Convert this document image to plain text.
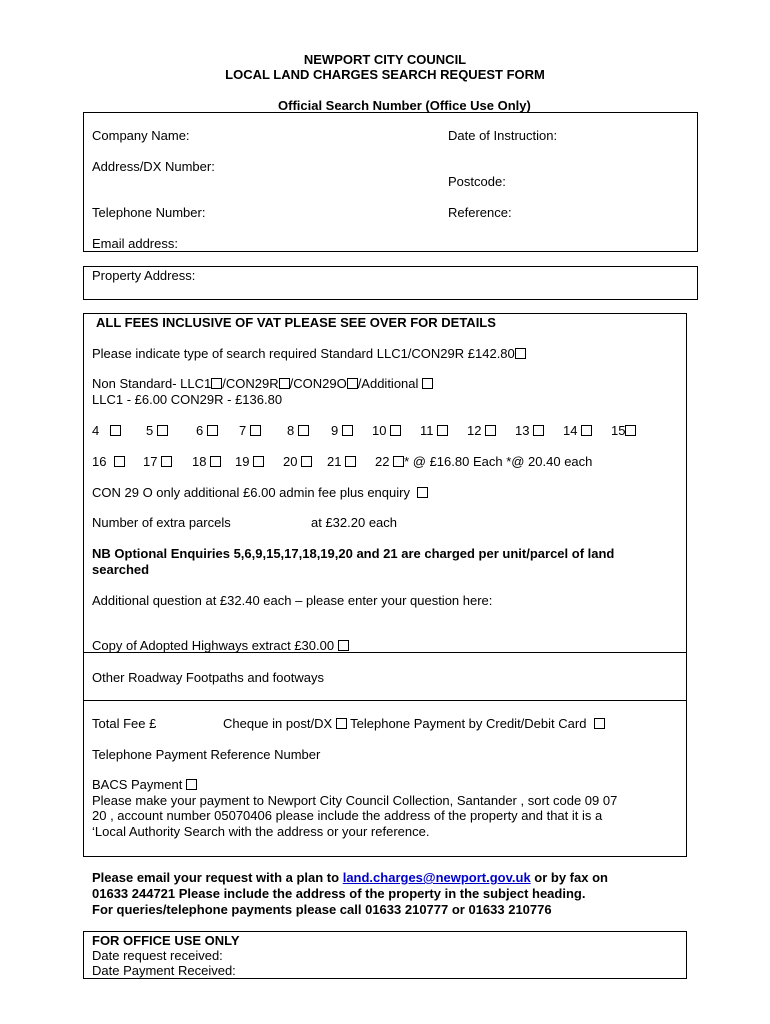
NEWPORT CITY COUNCIL
LOCAL LAND CHARGES SEARCH REQUEST FORM
Official Search Number (Office Use Only)
Company Name:	Date of Instruction:
Address/DX Number:
Postcode:
Telephone Number:	Reference:
Email address:
Property Address:
ALL FEES INCLUSIVE OF VAT PLEASE SEE OVER FOR DETAILS
Please indicate type of search required Standard LLC1/CON29R £142.80
Non Standard- LLC1 /CON29R /CON29O /Additional
LLC1 - £6.00 CON29R - £136.80
4	5	6	7	8	9	10	11	12	13	14	15
16	17	18	19	20	21	22 * @ £16.80 Each *@ 20.40 each
CON 29 O only additional £6.00 admin fee plus enquiry
Number of extra parcels	at £32.20 each
NB Optional Enquiries 5,6,9,15,17,18,19,20 and 21 are charged per unit/parcel of land
searched
Additional question at £32.40 each – please enter your question here:
Copy of Adopted Highways extract £30.00
Other Roadway Footpaths and footways
Total Fee £	Cheque in post/DX Telephone Payment by Credit/Debit Card
Telephone Payment Reference Number
BACS Payment
Please make your payment to Newport City Council Collection, Santander , sort code 09 07
20 , account number 05070406 please include the address of the property and that it is a
‘Local Authority Search with the address or your reference.
Please email your request with a plan to land.charges@newport.gov.uk or by fax on
01633 244721 Please include the address of the property in the subject heading.
For queries/telephone payments please call 01633 210777 or 01633 210776
FOR OFFICE USE ONLY
Date request received:
Date Payment Received:
